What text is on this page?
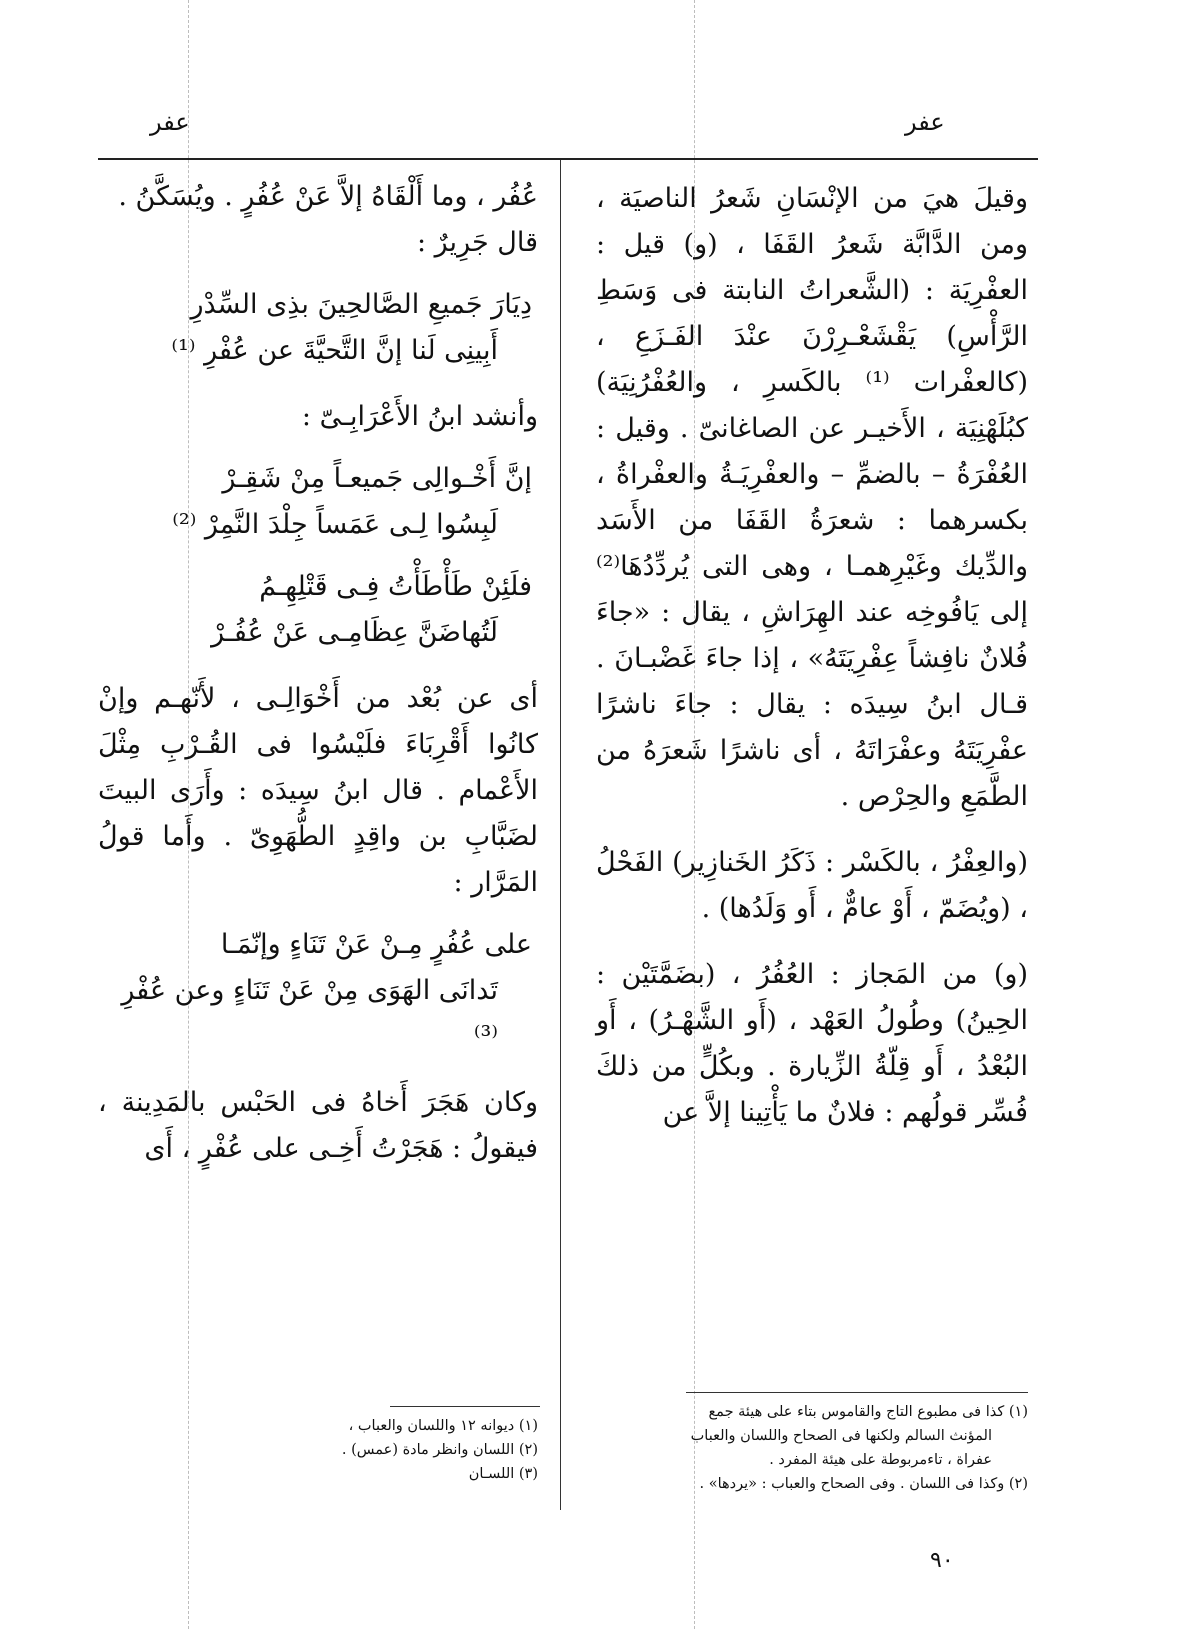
عفر
عفر

وقيلَ هيَ من الإنْسَانِ شَعرُ الناصيَة ، ومن الدَّابَّة شَعرُ القَفَا ، (و) قيل : العفْرِيَة : (الشَّعراتُ النابتة فى وَسَطِ الرَّأْسِ) يَقْشَعْـرِرْنَ عنْدَ الفَـزَعِ ، (كالعفْرات ⁽¹⁾ بالكَسرِ ، والعُفْرُنِيَة) كبُلَهْنِيَة ، الأَخيـر عن الصاغانىّ . وقيل : العُفْرَةُ – بالضمِّ – والعفْرِيَـةُ والعفْراةُ ، بكسرهما : شعرَةُ القَفَا من الأَسَد والدِّيك وغَيْرِهمـا ، وهى التى يُردِّدُهَا⁽²⁾ إلى يَافُوخِه عند الهِرَاشِ ، يقال : «جاءَ فُلانٌ نافِشاً عِفْرِيَتَهُ» ، إذا جاءَ غَضْبـانَ . قـال ابنُ سِيدَه : يقال : جاءَ ناشرًا عفْرِيَتَهُ وعفْرَاتَهُ ، أى ناشرًا شَعرَهُ من الطَّمَعِ والحِرْص .

(والعِفْرُ ، بالكَسْر : ذَكَرُ الخَنازِير) الفَحْلُ ، (ويُضَمّ ، أَوْ عامٌّ ، أَو وَلَدُها) .

(و) من المَجاز : العُفُرُ ، (بضَمَّتَيْن : الحِينُ) وطُولُ العَهْد ، (أَو الشَّهْـرُ) ، أَو البُعْدُ ، أَو قِلّةُ الزِّيارة . وبكُلٍّ من ذلكَ فُسِّر قولُهم : فلانٌ ما يَأْتِينا إلاَّ عن

(١) كذا فى مطبوع التاج والقاموس بتاء على هيئة جمع
المؤنث السالم ولكنها فى الصحاح واللسان والعباب
عفراة ، تاءمربوطة على هيئة المفرد .
(٢) وكذا فى اللسان . وفى الصحاح والعباب : «يردها» .

عُفُر ، وما أَلْقَاهُ إلاَّ عَنْ عُفُرٍ . ويُسَكَّنُ .
قال جَرِيرٌ :

دِيَارَ جَميعِ الصَّالحِينَ بذِى السِّدْرِ
أَبِينِى لَنا إنَّ التَّحيَّةَ عن عُفْرِ ⁽¹⁾

وأنشد ابنُ الأَعْرَابِـىّ :

إنَّ أَخْـوالِى جَميعـاً مِنْ شَقِـرْ
لَبِسُوا لِـى عَمَساً جِلْدَ النَّمِرْ ⁽²⁾
فلَئِنْ طَأْطَأْتُ فِـى قَتْلِهِـمُ
لَتُهاضَنَّ عِظَامِـى عَنْ عُفُـرْ

أى عن بُعْد من أَخْوَالِـى ، لأَنّهـم وإنْ كانُوا أَقْرِبَاءَ فلَيْسُوا فى القُـرْبِ مِثْلَ الأَعْمام . قال ابنُ سِيدَه : وأَرَى البيتَ لضَبَّابِ بن واقِدٍ الطُّهَوِىّ . وأَما قولُ المَرَّار :

على عُفُرٍ مِـنْ عَنْ تَنَاءٍ وإنّمَـا
تَدانَى الهَوَى مِنْ عَنْ تَنَاءٍ وعن عُفْرِ ⁽³⁾

وكان هَجَرَ أَخاهُ فى الحَبْس بالمَدِينة ، فيقولُ : هَجَرْتُ أَخِـى على عُفْرٍ ، أَى

(١) ديوانه ١٢ واللسان والعباب ،
(٢) اللسان وانظر مادة (عمس) .
(٣) اللسـان
٩٠
